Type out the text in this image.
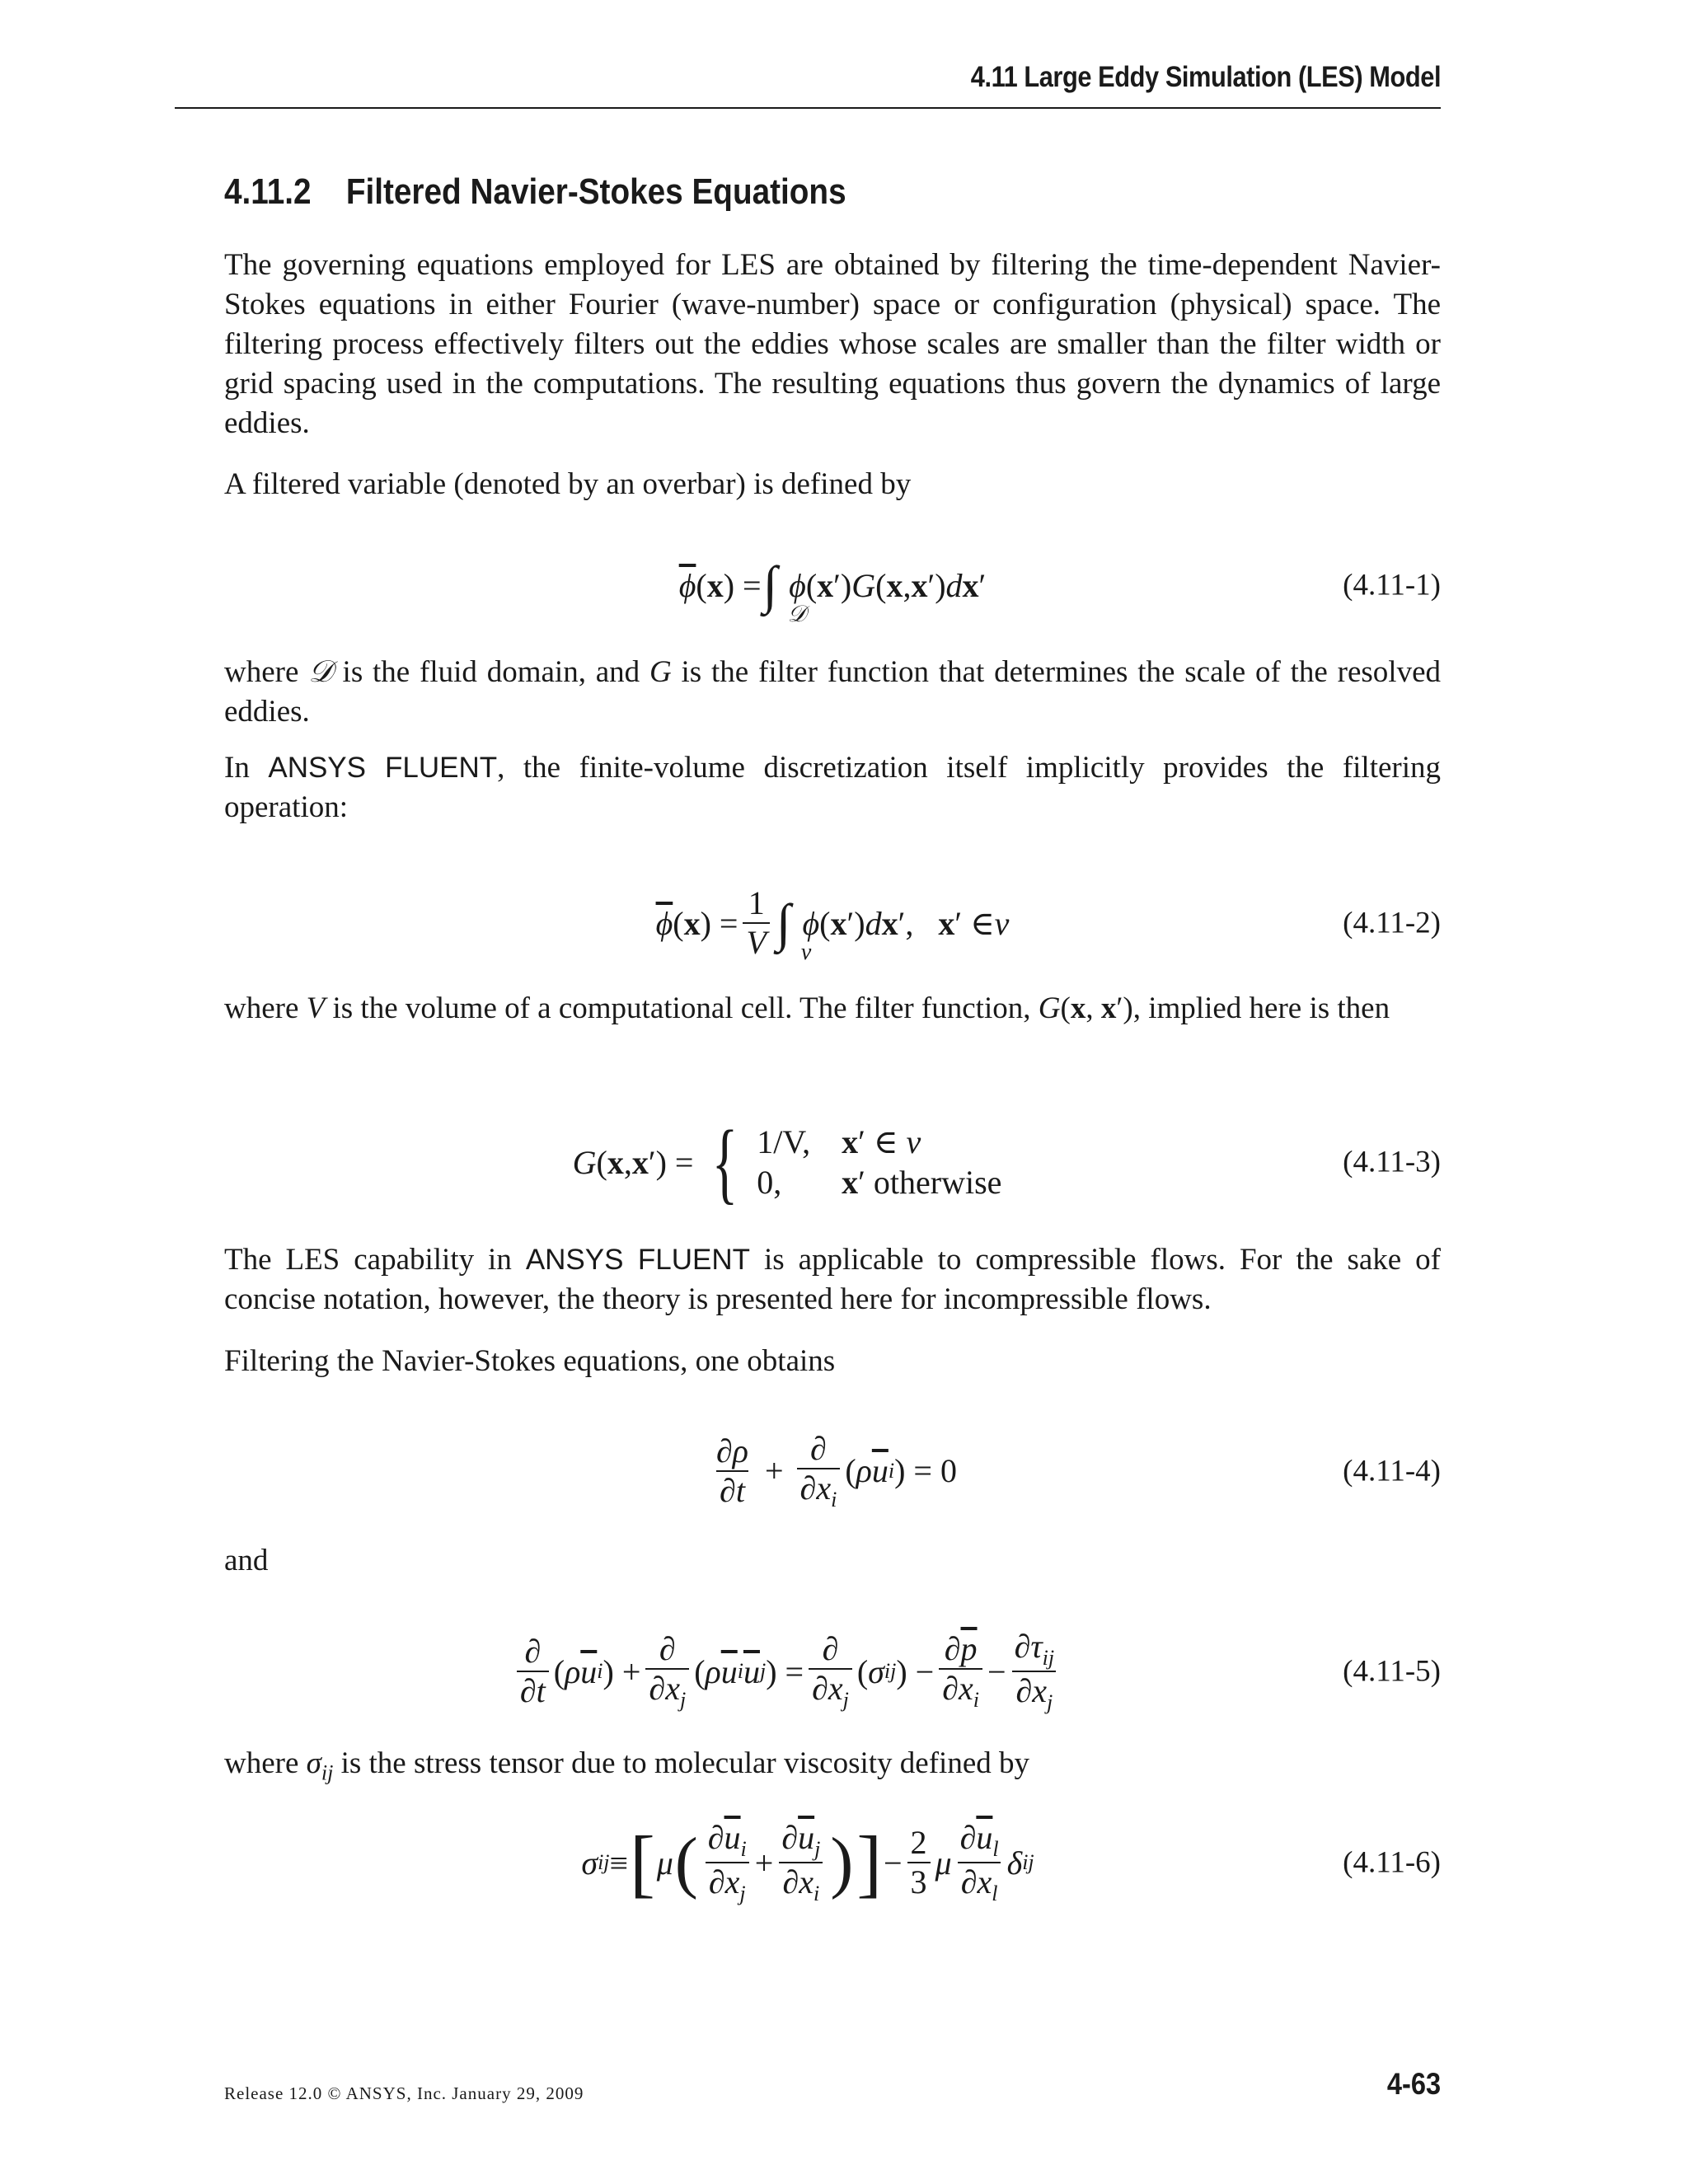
4.11 Large Eddy Simulation (LES) Model
4.11.2 Filtered Navier-Stokes Equations

The governing equations employed for LES are obtained by filtering the time-dependent Navier-Stokes equations in either Fourier (wave-number) space or configuration (physical) space. The filtering process effectively filters out the eddies whose scales are smaller than the filter width or grid spacing used in the computations. The resulting equations thus govern the dynamics of large eddies.

A filtered variable (denoted by an overbar) is defined by

$\overline{\phi}$ ( x ) = ∫
𝒟

ϕ ( x ′) G ( x , x ′) d x ′	(4.11-1)

where 𝒟 is the fluid domain, and G is the filter function that determines the scale of the resolved eddies.

In ANSYS FLUENT, the finite-volume discretization itself implicitly provides the filtering operation:

$\overline{\phi}$ ( x ) = $\frac{1}{V}$ ∫
ν

ϕ ( x ′) d x ′, x ′ ∈ ν	(4.11-2)

where V is the volume of a computational cell. The filter function, G(x, x′), implied here is then

G ( x , x ′) = { 1/V, x′ ∈ ν
0,	x′ otherwise
(4.11-3)

The LES capability in ANSYS FLUENT is applicable to compressible flows. For the sake of concise notation, however, the theory is presented here for incompressible flows.

Filtering the Navier-Stokes equations, one obtains

$\frac{\partial\rho}{\partial t} + \frac{\partial}{\partial x_i}$ ( ρ $\overline{u}$ i ) = 0	(4.11-4)

and

$\frac{\partial}{\partial t}$ ( ρ $\overline{u}$ i ) + $\frac{\partial}{\partial x_j}$ ( ρ $\overline{u}$ i $\overline{u}$ j ) = $\frac{\partial}{\partial x_j}$ ( σ ij ) − $\frac{\partial\overline{p}}{\partial x_i} - \frac{\partial\tau_{ij}}{\partial x_j}$	(4.11-5)

where $\sigma_{ij}$ is the stress tensor due to molecular viscosity defined by

σ ij ≡ [ μ ( $\frac{\partial\overline{u}_i}{\partial x_j} + \frac{\partial\overline{u}_j}{\partial x_i}$ ) ] − $\frac{2}{3}$ μ $\frac{\partial\overline{u}_l}{\partial x_l}$ δ ij	(4.11-6)
Release 12.0 © ANSYS, Inc. January 29, 2009	4-63
